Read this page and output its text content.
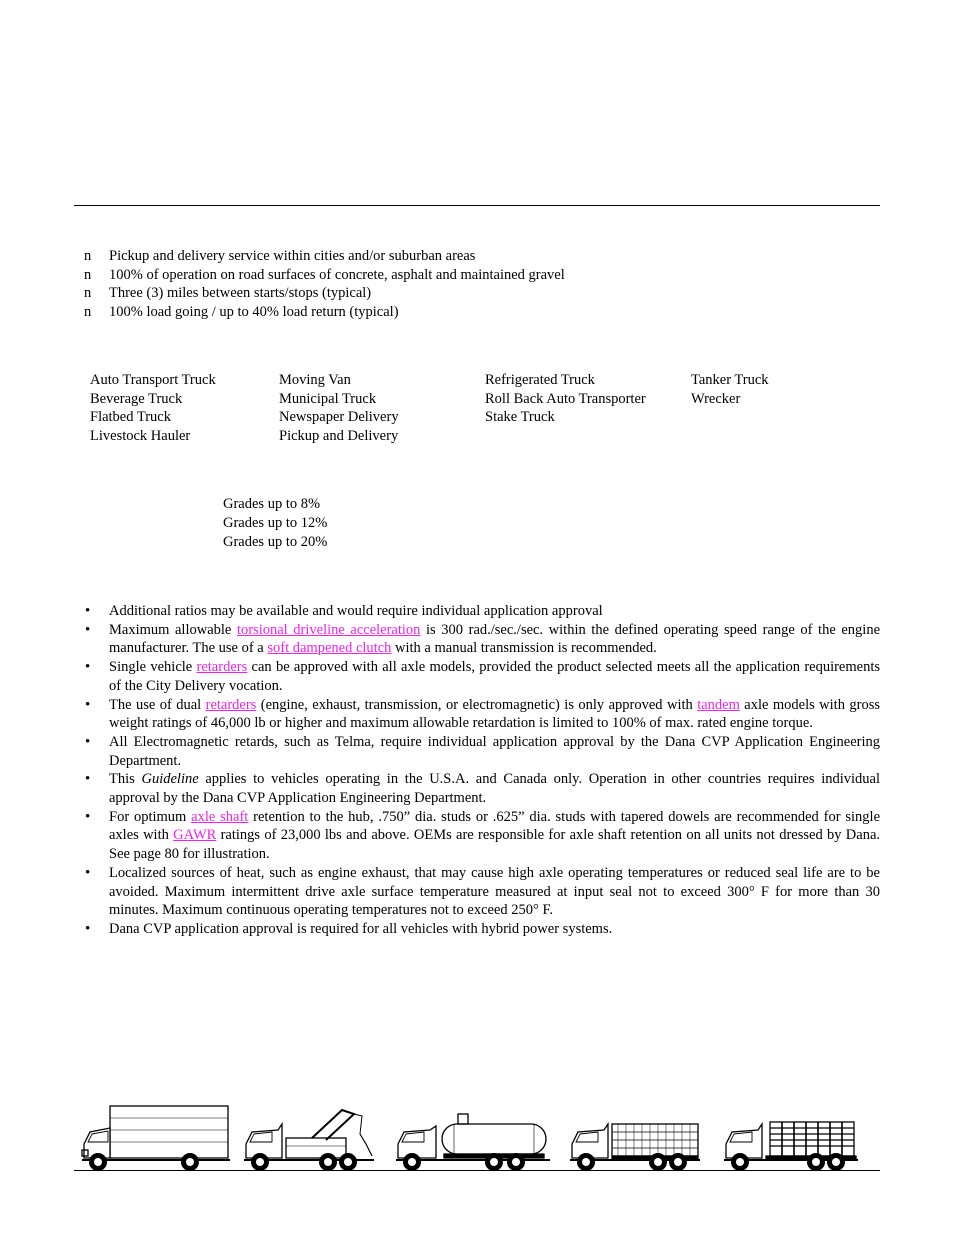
n Pickup and delivery service within cities and/or suburban areas
n 100% of operation on road surfaces of concrete, asphalt and maintained gravel
n Three (3) miles between starts/stops (typical)
n 100% load going / up to 40% load return (typical)
Auto Transport Truck
Beverage Truck
Flatbed Truck
Livestock Hauler
Moving Van
Municipal Truck
Newspaper Delivery
Pickup and Delivery
Refrigerated Truck
Roll Back Auto Transporter
Stake Truck
Tanker Truck
Wrecker
Grades up to 8%
Grades up to 12%
Grades up to 20%
• Additional ratios may be available and would require individual application approval
• Maximum allowable torsional driveline acceleration is 300 rad./sec./sec. within the defined operating speed range of the engine manufacturer. The use of a soft dampened clutch with a manual transmission is recommended.
• Single vehicle retarders can be approved with all axle models, provided the product selected meets all the application requirements of the City Delivery vocation.
• The use of dual retarders (engine, exhaust, transmission, or electromagnetic) is only approved with tandem axle models with gross weight ratings of 46,000 lb or higher and maximum allowable retardation is limited to 100% of max. rated engine torque.
• All Electromagnetic retards, such as Telma, require individual application approval by the Dana CVP Application Engineering Department.
• This Guideline applies to vehicles operating in the U.S.A. and Canada only. Operation in other countries requires individual approval by the Dana CVP Application Engineering Department.
• For optimum axle shaft retention to the hub, .750” dia. studs or .625” dia. studs with tapered dowels are recommended for single axles with GAWR ratings of 23,000 lbs and above. OEMs are responsible for axle shaft retention on all units not dressed by Dana. See page 80 for illustration.
• Localized sources of heat, such as engine exhaust, that may cause high axle operating temperatures or reduced seal life are to be avoided. Maximum intermittent drive axle surface temperature measured at input seal not to exceed 300° F for more than 30 minutes. Maximum continuous operating temperatures not to exceed 250° F.
• Dana CVP application approval is required for all vehicles with hybrid power systems.
